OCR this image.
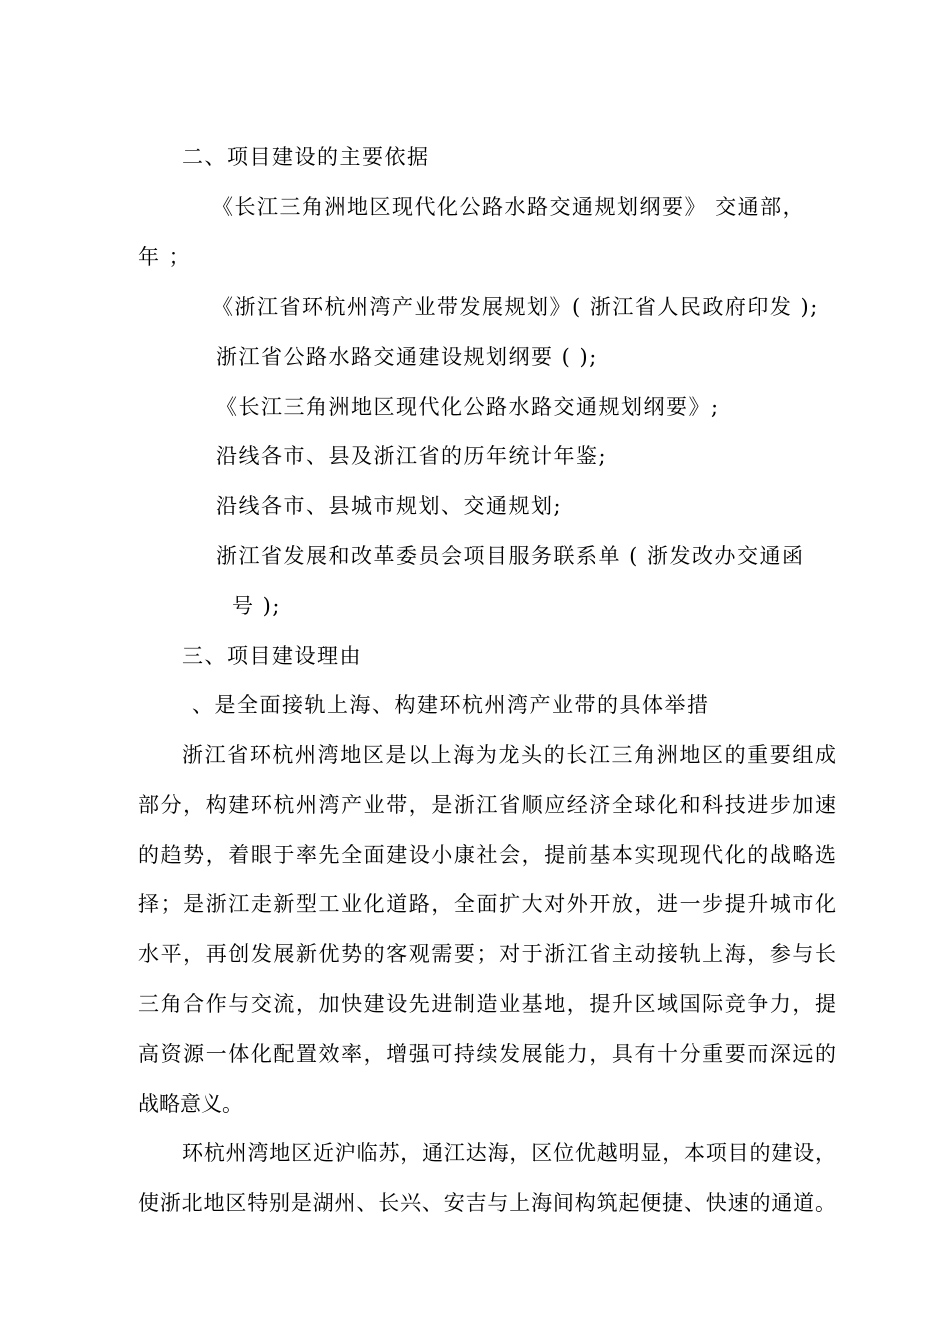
二、项目建设的主要依据
《长江三角洲地区现代化公路水路交通规划纲要》 交通部，
年 ；
《浙江省环杭州湾产业带发展规划》( 浙江省人民政府印发 );
浙江省公路水路交通建设规划纲要 ( );
《长江三角洲地区现代化公路水路交通规划纲要》;
沿线各市、县及浙江省的历年统计年鉴;
沿线各市、县城市规划、交通规划;
浙江省发展和改革委员会项目服务联系单 ( 浙发改办交通函
号 );
三、项目建设理由
、是全面接轨上海、构建环杭州湾产业带的具体举措
浙江省环杭州湾地区是以上海为龙头的长江三角洲地区的重要组成
部分，构建环杭州湾产业带，是浙江省顺应经济全球化和科技进步加速
的趋势，着眼于率先全面建设小康社会，提前基本实现现代化的战略选
择；是浙江走新型工业化道路，全面扩大对外开放，进一步提升城市化
水平，再创发展新优势的客观需要；对于浙江省主动接轨上海，参与长
三角合作与交流，加快建设先进制造业基地，提升区域国际竞争力，提
高资源一体化配置效率，增强可持续发展能力，具有十分重要而深远的
战略意义。
环杭州湾地区近沪临苏，通江达海，区位优越明显，本项目的建设，
使浙北地区特别是湖州、长兴、安吉与上海间构筑起便捷、快速的通道。
